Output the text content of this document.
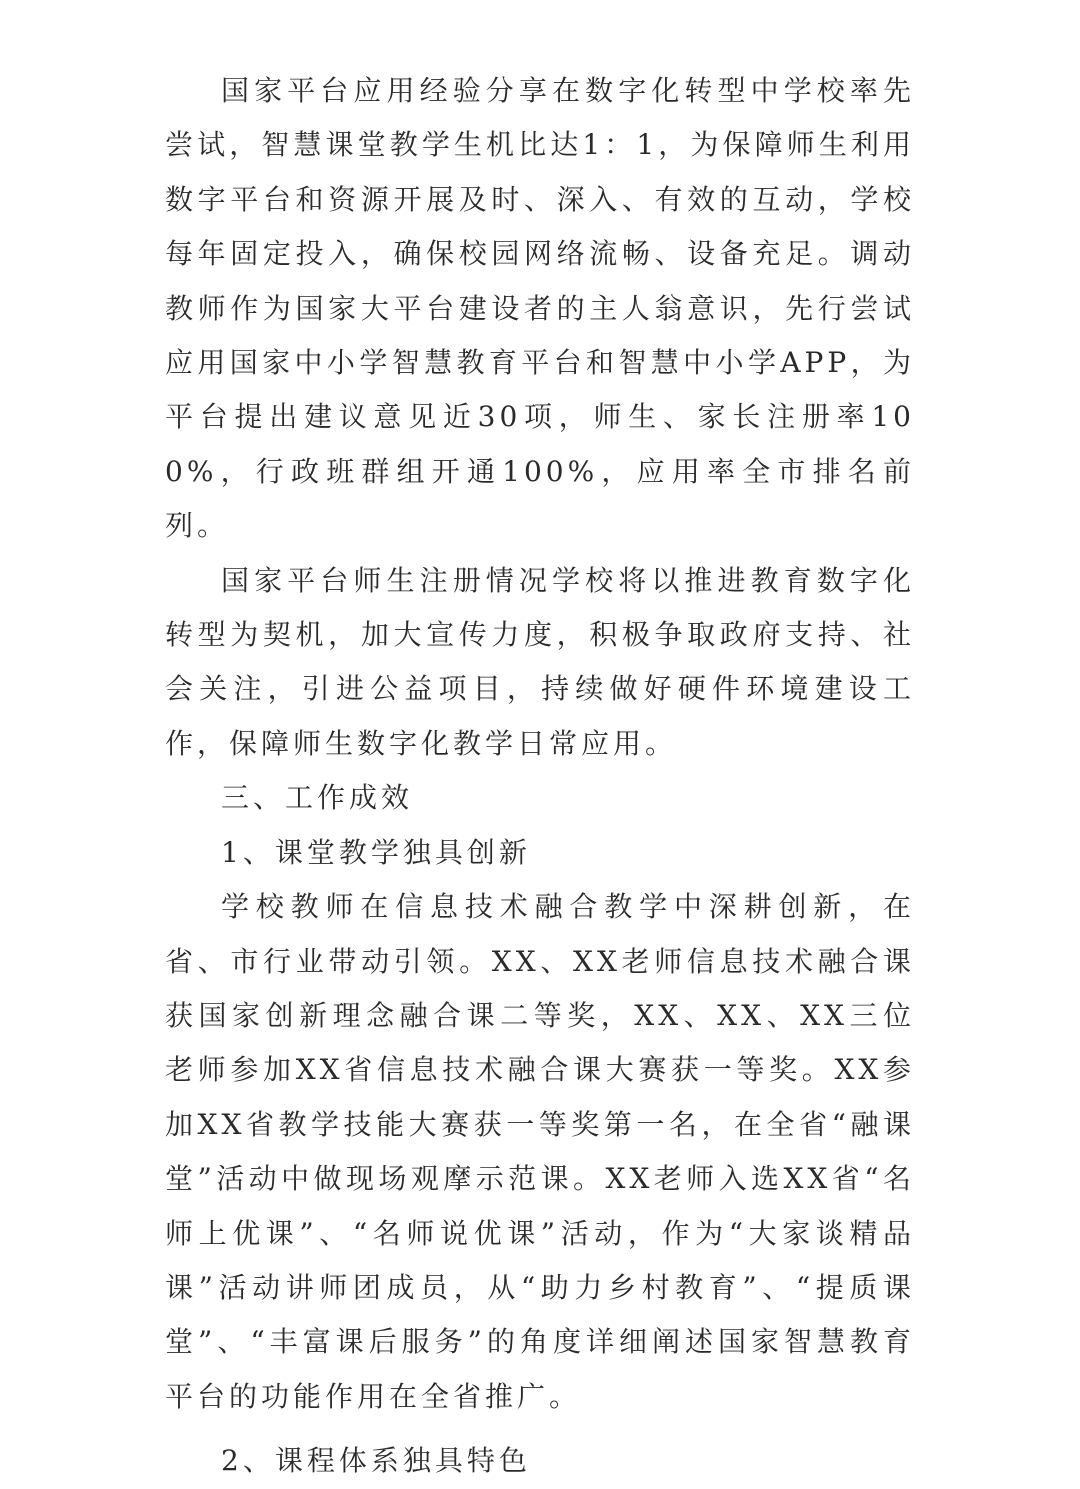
国家平台应用经验分享在数字化转型中学校率先尝试，智慧课堂教学生机比达1：1，为保障师生利用数字平台和资源开展及时、深入、有效的互动，学校每年固定投入，确保校园网络流畅、设备充足。调动教师作为国家大平台建设者的主人翁意识，先行尝试应用国家中小学智慧教育平台和智慧中小学APP，为平台提出建议意见近30项，师生、家长注册率100%，行政班群组开通100%，应用率全市排名前列。

国家平台师生注册情况学校将以推进教育数字化转型为契机，加大宣传力度，积极争取政府支持、社会关注，引进公益项目，持续做好硬件环境建设工作，保障师生数字化教学日常应用。

三、工作成效

1、课堂教学独具创新

学校教师在信息技术融合教学中深耕创新，在省、市行业带动引领。XX、XX老师信息技术融合课获国家创新理念融合课二等奖，XX、XX、XX三位老师参加XX省信息技术融合课大赛获一等奖。XX参加XX省教学技能大赛获一等奖第一名，在全省“融课堂”活动中做现场观摩示范课。XX老师入选XX省“名师上优课”、“名师说优课”活动，作为“大家谈精品课”活动讲师团成员，从“助力乡村教育”、“提质课堂”、“丰富课后服务”的角度详细阐述国家智慧教育平台的功能作用在全省推广。

2、课程体系独具特色
